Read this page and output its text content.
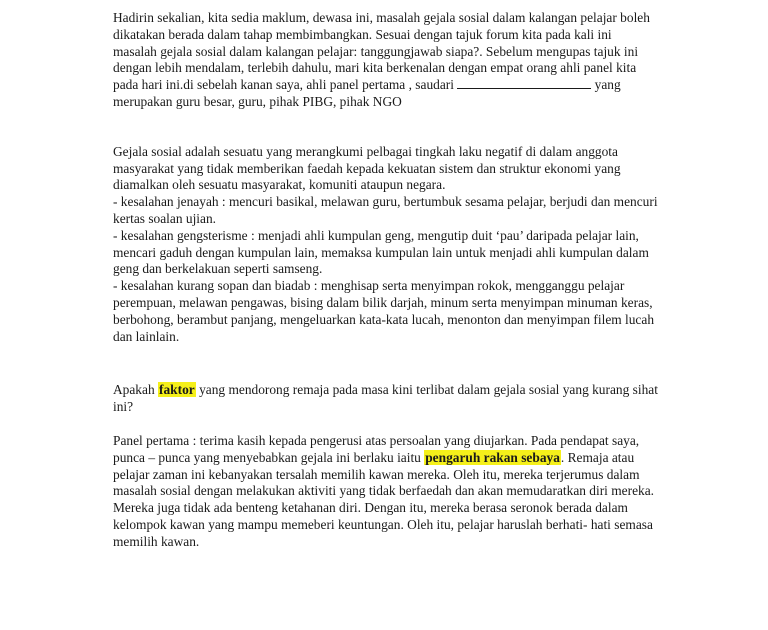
Hadirin sekalian, kita sedia maklum, dewasa ini, masalah gejala sosial dalam kalangan pelajar boleh dikatakan berada dalam tahap membimbangkan. Sesuai dengan tajuk forum kita pada kali ini masalah gejala sosial dalam kalangan pelajar: tanggungjawab siapa?. Sebelum mengupas tajuk ini dengan lebih mendalam, terlebih dahulu, mari kita berkenalan dengan empat orang ahli panel kita pada hari ini.di sebelah kanan saya, ahli panel pertama , saudari	yang merupakan guru besar, guru, pihak PIBG, pihak NGO

Gejala sosial adalah sesuatu yang merangkumi pelbagai tingkah laku negatif di dalam anggota masyarakat yang tidak memberikan faedah kepada kekuatan sistem dan struktur ekonomi yang diamalkan oleh sesuatu masyarakat, komuniti ataupun negara.

- kesalahan jenayah : mencuri basikal, melawan guru, bertumbuk sesama pelajar, berjudi dan mencuri kertas soalan ujian.

- kesalahan gengsterisme : menjadi ahli kumpulan geng, mengutip duit ‘pau’ daripada pelajar lain, mencari gaduh dengan kumpulan lain, memaksa kumpulan lain untuk menjadi ahli kumpulan dalam geng dan berkelakuan seperti samseng.

- kesalahan kurang sopan dan biadab : menghisap serta menyimpan rokok, mengganggu pelajar perempuan, melawan pengawas, bising dalam bilik darjah, minum serta menyimpan minuman keras, berbohong, berambut panjang, mengeluarkan kata-kata lucah, menonton dan menyimpan filem lucah dan lainlain.

Apakah faktor yang mendorong remaja pada masa kini terlibat dalam gejala sosial yang kurang sihat ini?

Panel pertama : terima kasih kepada pengerusi atas persoalan yang diujarkan. Pada pendapat saya, punca – punca yang menyebabkan gejala ini berlaku iaitu pengaruh rakan sebaya. Remaja atau pelajar zaman ini kebanyakan tersalah memilih kawan mereka. Oleh itu, mereka terjerumus dalam masalah sosial dengan melakukan aktiviti yang tidak berfaedah dan akan memudaratkan diri mereka. Mereka juga tidak ada benteng ketahanan diri. Dengan itu, mereka berasa seronok berada dalam kelompok kawan yang mampu memeberi keuntungan. Oleh itu, pelajar haruslah berhati- hati semasa memilih kawan.
